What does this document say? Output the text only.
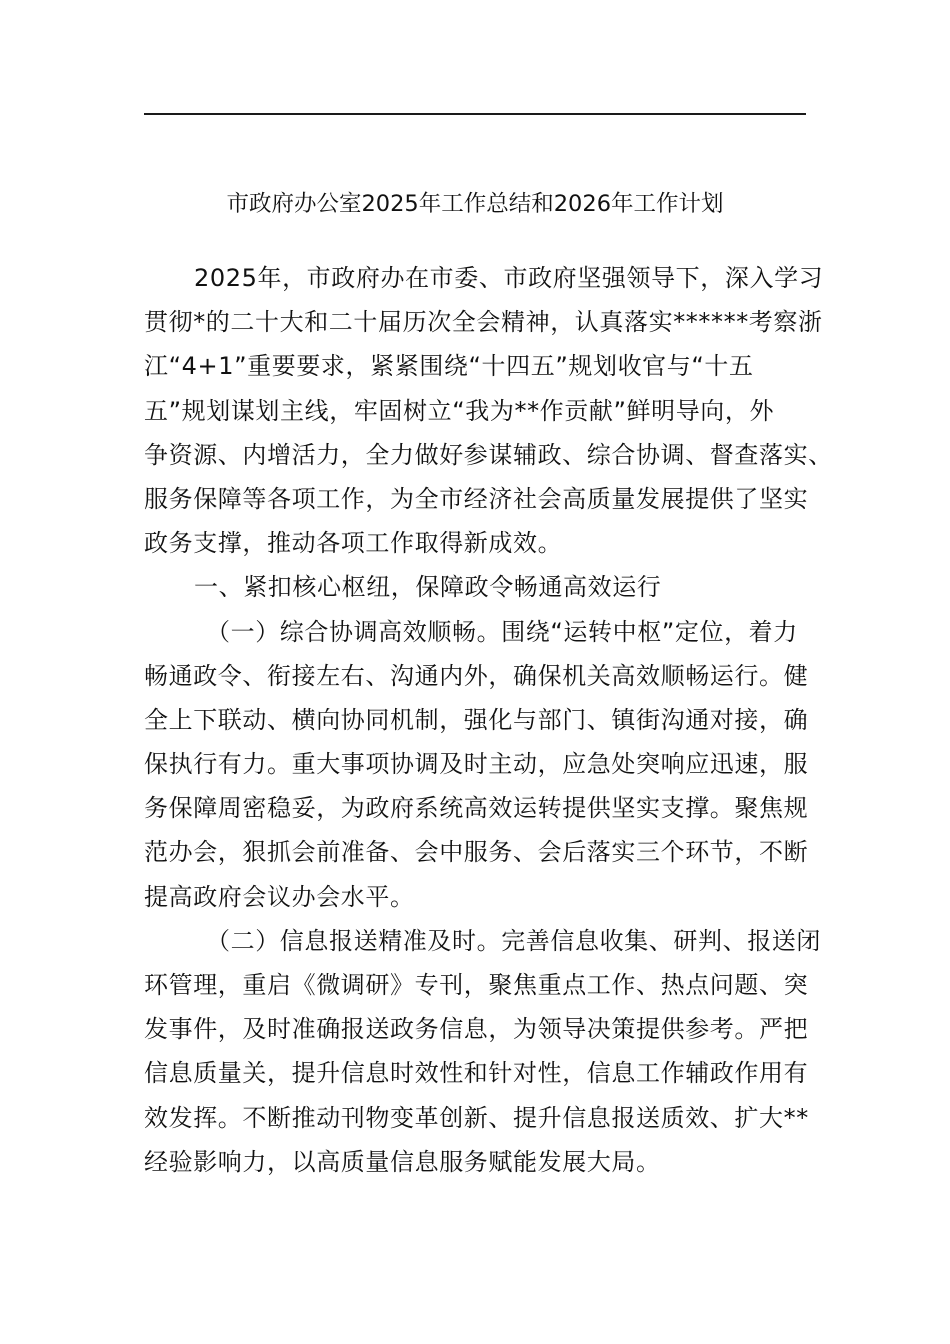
市政府办公室2025年工作总结和2026年工作计划
2025年，市政府办在市委、市政府坚强领导下，深入学习
贯彻*的二十大和二十届历次全会精神，认真落实******考察浙
江“4+1”重要要求，紧紧围绕“十四五”规划收官与“十五
五”规划谋划主线，牢固树立“我为**作贡献”鲜明导向，外
争资源、内增活力，全力做好参谋辅政、综合协调、督查落实、
服务保障等各项工作，为全市经济社会高质量发展提供了坚实
政务支撑，推动各项工作取得新成效。
一、紧扣核心枢纽，保障政令畅通高效运行
（一）综合协调高效顺畅。围绕“运转中枢”定位，着力
畅通政令、衔接左右、沟通内外，确保机关高效顺畅运行。健
全上下联动、横向协同机制，强化与部门、镇街沟通对接，确
保执行有力。重大事项协调及时主动，应急处突响应迅速，服
务保障周密稳妥，为政府系统高效运转提供坚实支撑。聚焦规
范办会，狠抓会前准备、会中服务、会后落实三个环节，不断
提高政府会议办会水平。
（二）信息报送精准及时。完善信息收集、研判、报送闭
环管理，重启《微调研》专刊，聚焦重点工作、热点问题、突
发事件，及时准确报送政务信息，为领导决策提供参考。严把
信息质量关，提升信息时效性和针对性，信息工作辅政作用有
效发挥。不断推动刊物变革创新、提升信息报送质效、扩大**
经验影响力，以高质量信息服务赋能发展大局。
